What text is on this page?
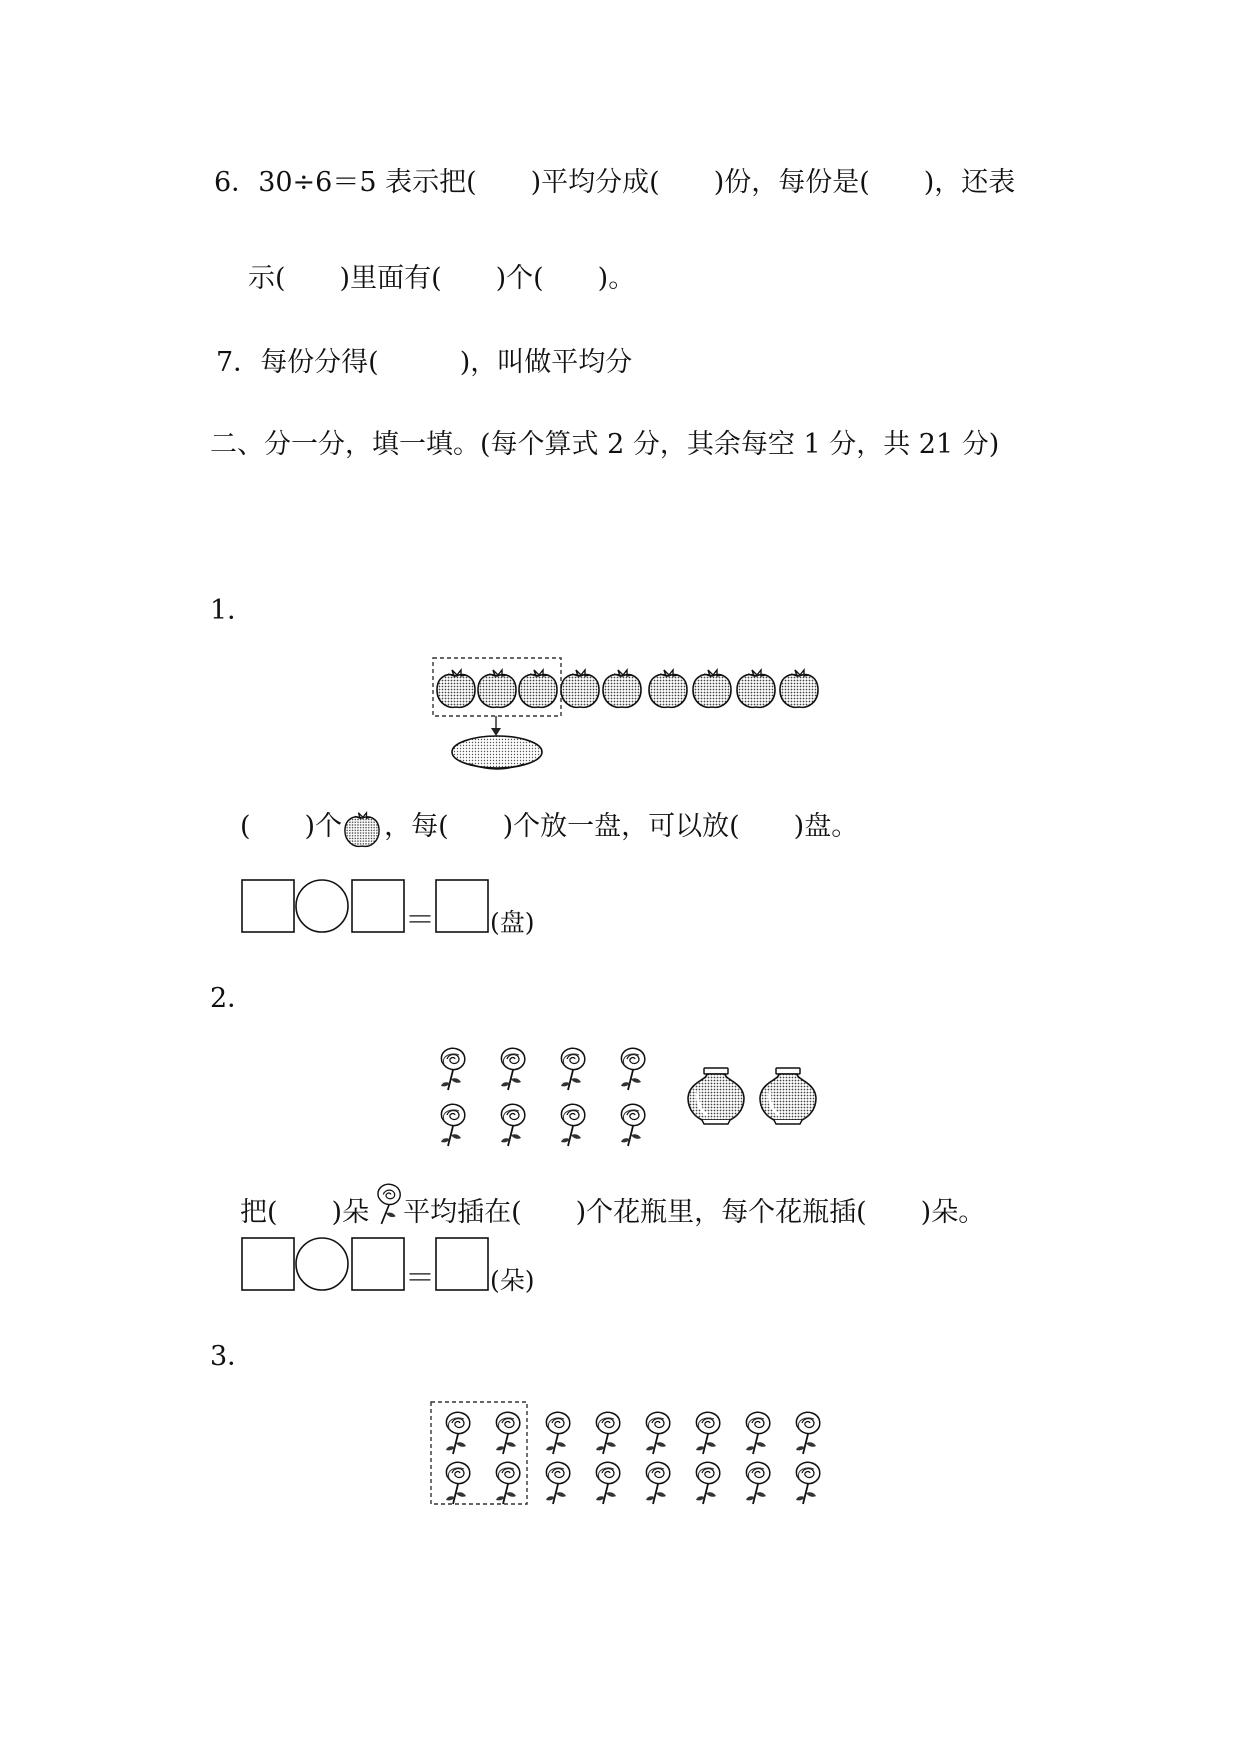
6．30÷6＝5 表示把(　　)平均分成(　　)份，每份是(　　)，还表
示(　　)里面有(　　)个(　　)。
7．每份分得(　　　)，叫做平均分
二、分一分，填一填。(每个算式 2 分，其余每空 1 分，共 21 分)
1．
(　　)个 ，每(　　)个放一盘，可以放(　　)盘。
＝ (盘)
2．
把(　　)朵 平均插在(　　)个花瓶里，每个花瓶插(　　)朵。
＝ (朵)
3．
